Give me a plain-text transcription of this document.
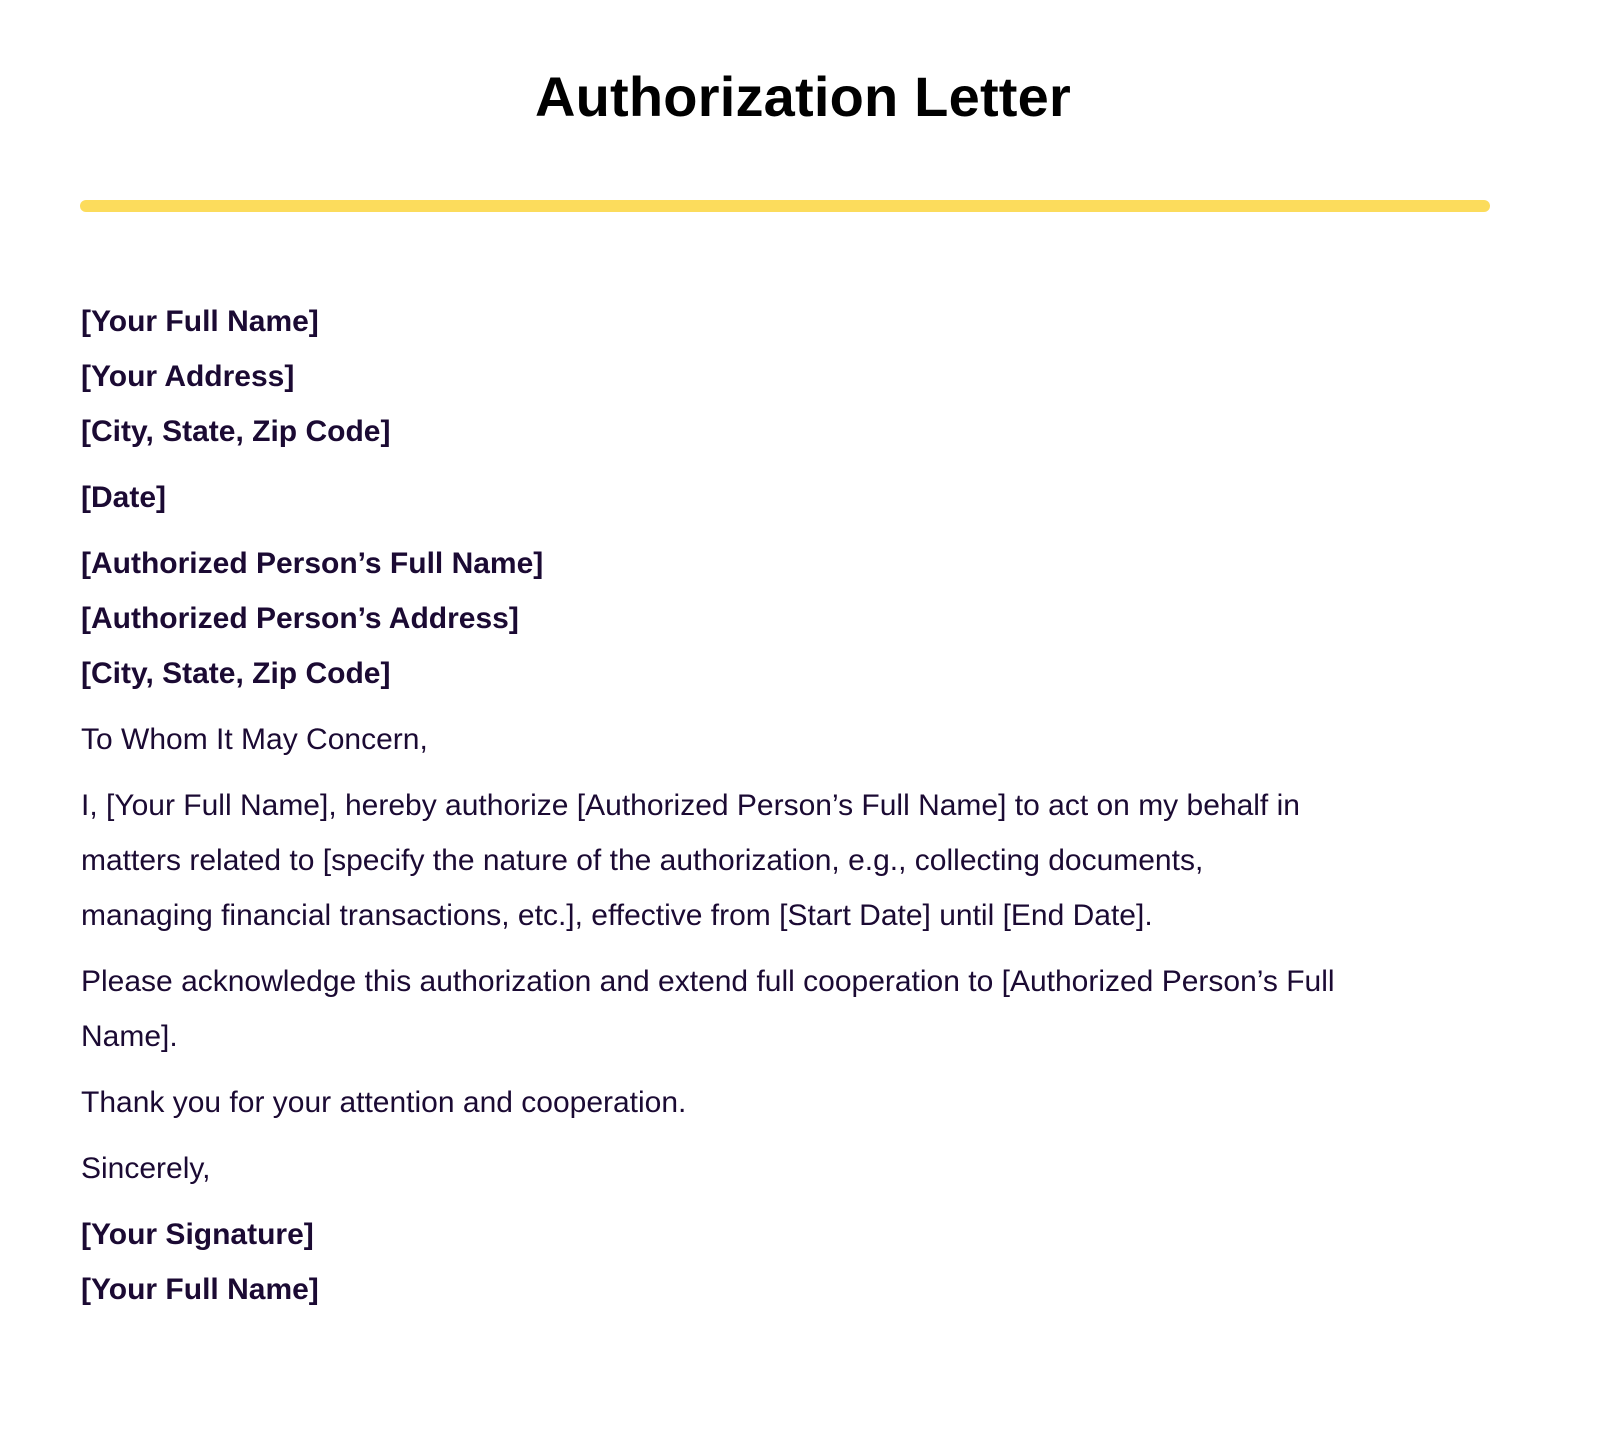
Authorization Letter
[Your Full Name]
[Your Address]
[City, State, Zip Code]
[Date]
[Authorized Person’s Full Name]
[Authorized Person’s Address]
[City, State, Zip Code]

To Whom It May Concern,

I, [Your Full Name], hereby authorize [Authorized Person’s Full Name] to act on my behalf in
matters related to [specify the nature of the authorization, e.g., collecting documents,
managing financial transactions, etc.], effective from [Start Date] until [End Date].

Please acknowledge this authorization and extend full cooperation to [Authorized Person’s Full
Name].

Thank you for your attention and cooperation.

Sincerely,

[Your Signature]
[Your Full Name]
